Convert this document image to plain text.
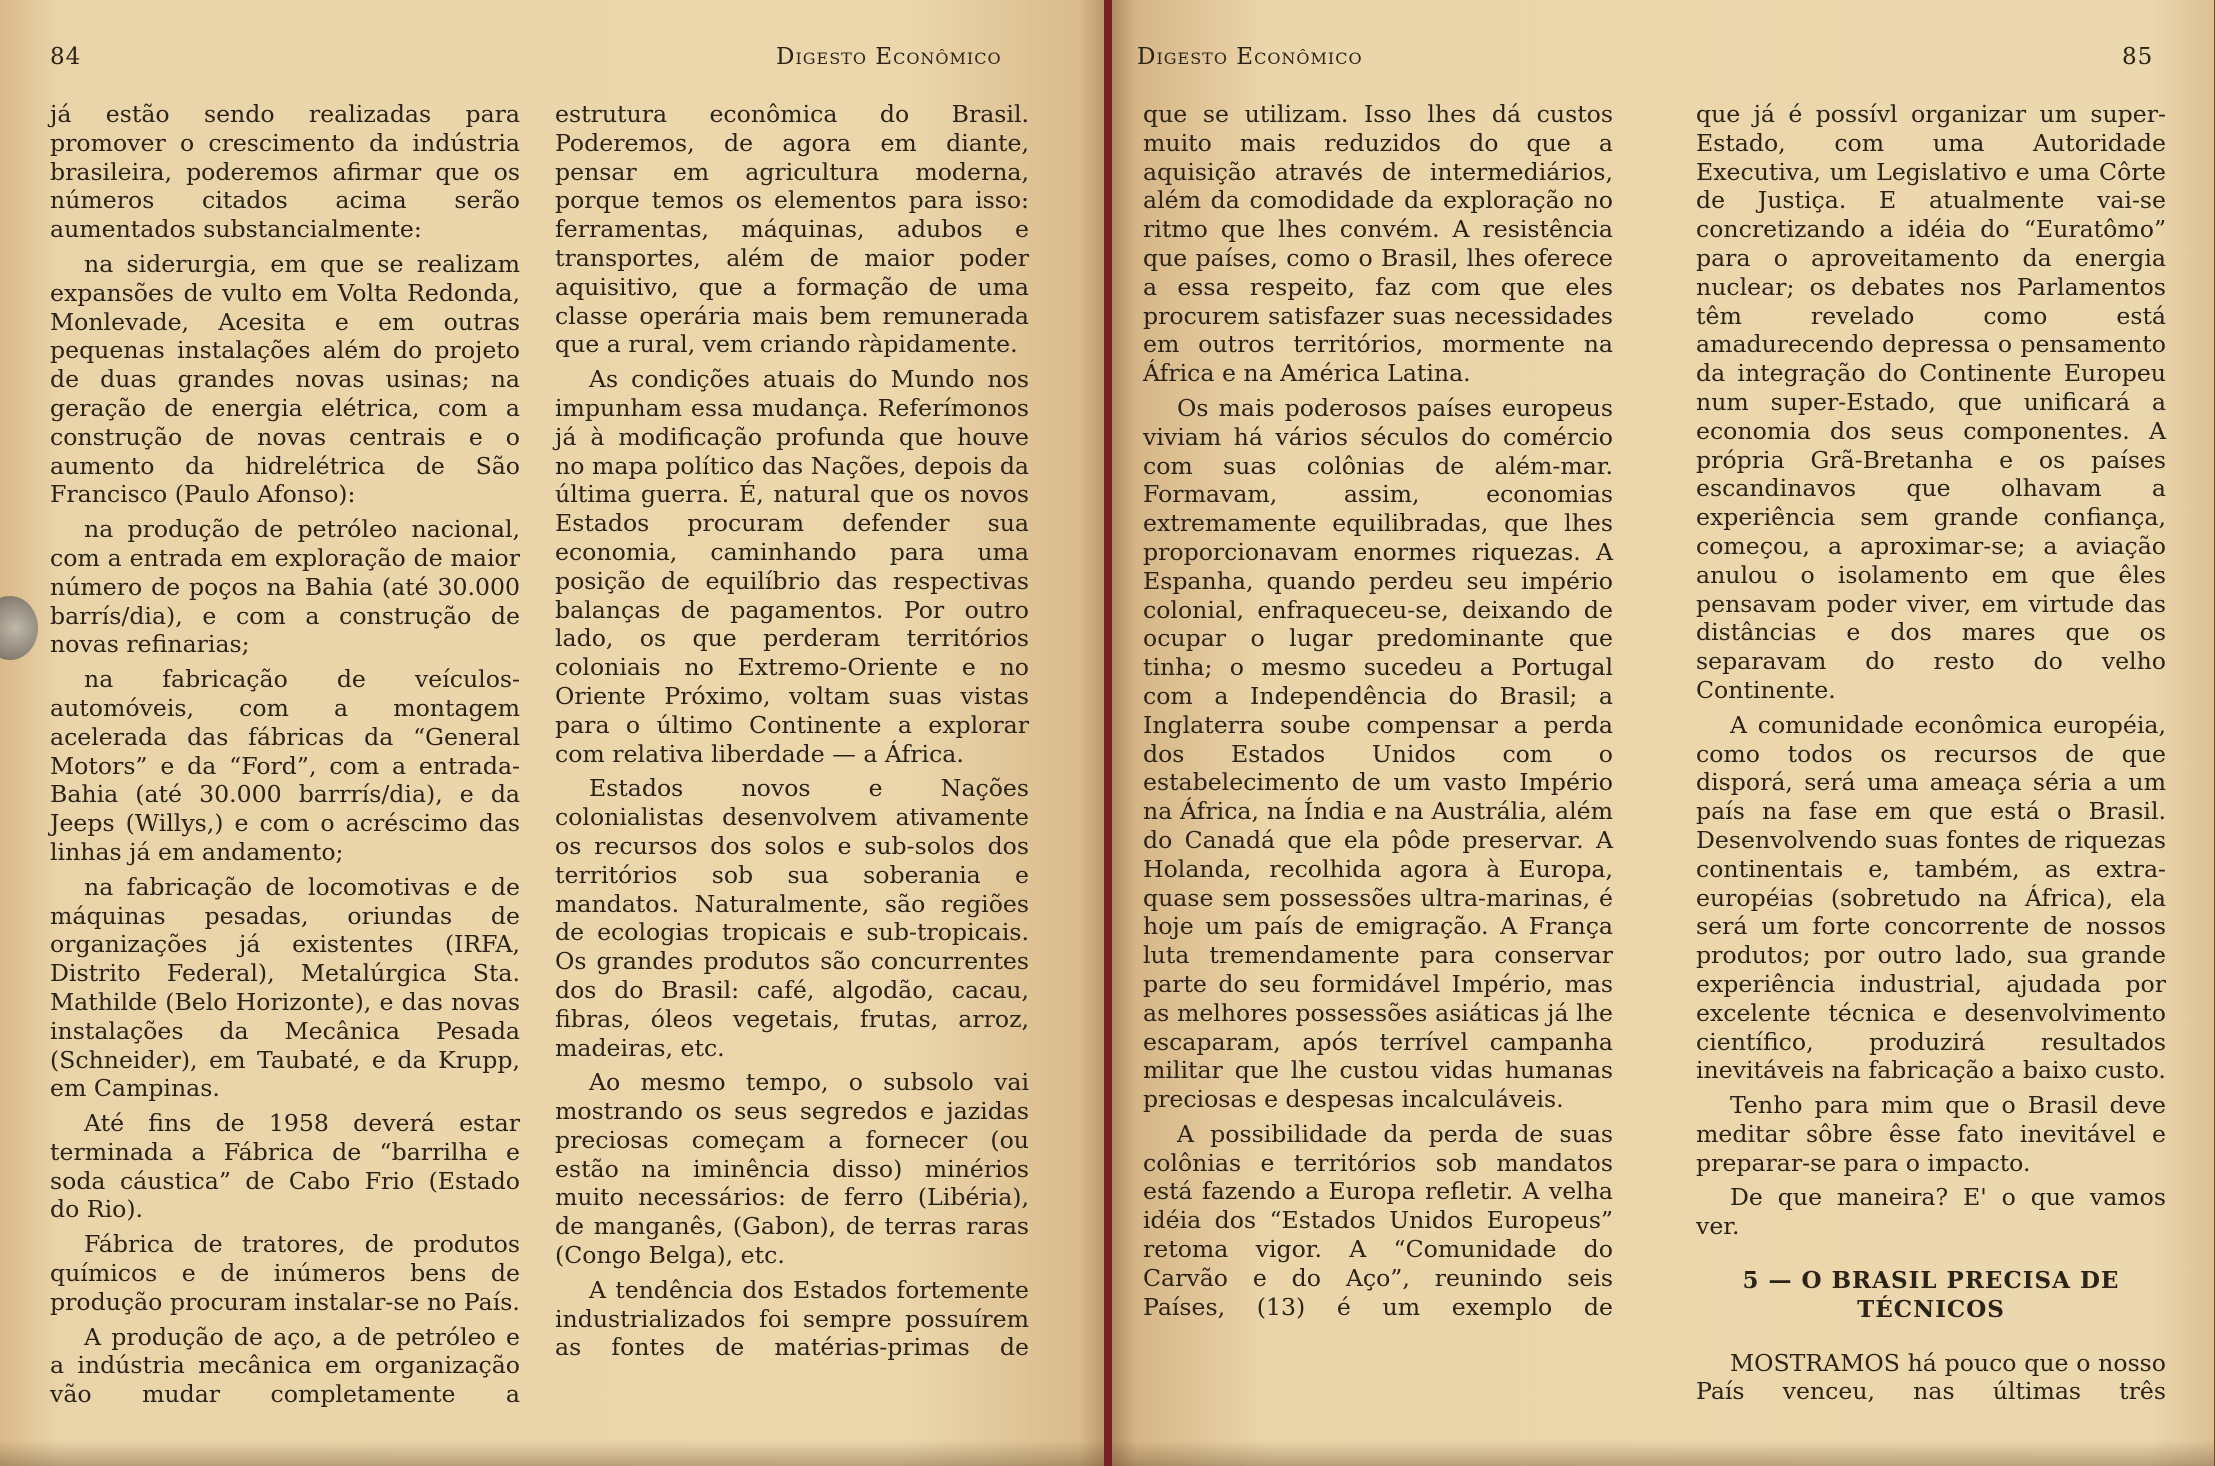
84	Digesto Econômico

já estão sendo realizadas para promover o crescimento da indústria brasileira, poderemos afirmar que os números citados acima serão aumentados substancialmente:

na siderurgia, em que se realizam expansões de vulto em Volta Redonda, Monlevade, Acesita e em outras pequenas instalações além do projeto de duas grandes novas usinas; na geração de energia elétrica, com a construção de novas centrais e o aumento da hidrelétrica de São Francisco (Paulo Afonso):

na produção de petróleo nacional, com a entrada em exploração de maior número de poços na Bahia (até 30.000 barrís/dia), e com a construção de novas refinarias;

na fabricação de veículos-automóveis, com a montagem acelerada das fábricas da “General Motors” e da “Ford”, com a entrada-Bahia (até 30.000 barrrís/dia), e da Jeeps (Willys,) e com o acréscimo das linhas já em andamento;

na fabricação de locomotivas e de máquinas pesadas, oriundas de organizações já existentes (IRFA, Distrito Federal), Metalúrgica Sta. Mathilde (Belo Horizonte), e das novas instalações da Mecânica Pesada (Schneider), em Taubaté, e da Krupp, em Campinas.

Até fins de 1958 deverá estar terminada a Fábrica de “barrilha e soda cáustica” de Cabo Frio (Estado do Rio).

Fábrica de tratores, de produtos químicos e de inúmeros bens de produção procuram instalar-se no País.

A produção de aço, a de petróleo e a indústria mecânica em organização vão mudar completamente a

estrutura econômica do Brasil. Poderemos, de agora em diante, pensar em agricultura moderna, porque temos os elementos para isso: ferramentas, máquinas, adubos e transportes, além de maior poder aquisitivo, que a formação de uma classe operária mais bem remunerada que a rural, vem criando ràpidamente.

As condições atuais do Mundo nos impunham essa mudança. Referímonos já à modificação profunda que houve no mapa político das Nações, depois da última guerra. É, natural que os novos Estados procuram defender sua economia, caminhando para uma posição de equilíbrio das respectivas balanças de pagamentos. Por outro lado, os que perderam territórios coloniais no Extremo-Oriente e no Oriente Próximo, voltam suas vistas para o último Continente a explorar com relativa liberdade — a África.

Estados novos e Nações colonialistas desenvolvem ativamente os recursos dos solos e sub-solos dos territórios sob sua soberania e mandatos. Naturalmente, são regiões de ecologias tropicais e sub-tropicais. Os grandes produtos são concurrentes dos do Brasil: café, algodão, cacau, fibras, óleos vegetais, frutas, arroz, madeiras, etc.

Ao mesmo tempo, o subsolo vai mostrando os seus segredos e jazidas preciosas começam a fornecer (ou estão na iminência disso) minérios muito necessários: de ferro (Libéria), de manganês, (Gabon), de terras raras (Congo Belga), etc.

A tendência dos Estados fortemente industrializados foi sempre possuírem as fontes de matérias-primas de

Digesto Econômico	85

que se utilizam. Isso lhes dá custos muito mais reduzidos do que a aquisição através de intermediários, além da comodidade da exploração no ritmo que lhes convém. A resistência que países, como o Brasil, lhes oferece a essa respeito, faz com que eles procurem satisfazer suas necessidades em outros territórios, mormente na África e na América Latina.

Os mais poderosos países europeus viviam há vários séculos do comércio com suas colônias de além-mar. Formavam, assim, economias extremamente equilibradas, que lhes proporcionavam enormes riquezas. A Espanha, quando perdeu seu império colonial, enfraqueceu-se, deixando de ocupar o lugar predominante que tinha; o mesmo sucedeu a Portugal com a Independência do Brasil; a Inglaterra soube compensar a perda dos Estados Unidos com o estabelecimento de um vasto Império na África, na Índia e na Austrália, além do Canadá que ela pôde preservar. A Holanda, recolhida agora à Europa, quase sem possessões ultra-marinas, é hoje um país de emigração. A França luta tremendamente para conservar parte do seu formidável Império, mas as melhores possessões asiáticas já lhe escaparam, após terrível campanha militar que lhe custou vidas humanas preciosas e despesas incalculáveis.

A possibilidade da perda de suas colônias e territórios sob mandatos está fazendo a Europa refletir. A velha idéia dos “Estados Unidos Europeus” retoma vigor. A “Comunidade do Carvão e do Aço”, reunindo seis Países, (13) é um exemplo de

que já é possívl organizar um super-Estado, com uma Autoridade Executiva, um Legislativo e uma Côrte de Justiça. E atualmente vai-se concretizando a idéia do “Euratômo” para o aproveitamento da energia nuclear; os debates nos Parlamentos têm revelado como está amadurecendo depressa o pensamento da integração do Continente Europeu num super-Estado, que unificará a economia dos seus componentes. A própria Grã-Bretanha e os países escandinavos que olhavam a experiência sem grande confiança, começou, a aproximar-se; a aviação anulou o isolamento em que êles pensavam poder viver, em virtude das distâncias e dos mares que os separavam do resto do velho Continente.

A comunidade econômica européia, como todos os recursos de que disporá, será uma ameaça séria a um país na fase em que está o Brasil. Desenvolvendo suas fontes de riquezas continentais e, também, as extra-européias (sobretudo na África), ela será um forte concorrente de nossos produtos; por outro lado, sua grande experiência industrial, ajudada por excelente técnica e desenvolvimento científico, produzirá resultados inevitáveis na fabricação a baixo custo.

Tenho para mim que o Brasil deve meditar sôbre êsse fato inevitável e preparar-se para o impacto.

De que maneira? E' o que vamos ver.

5 — O BRASIL PRECISA DE
TÉCNICOS

MOSTRAMOS há pouco que o nosso País venceu, nas últimas três
